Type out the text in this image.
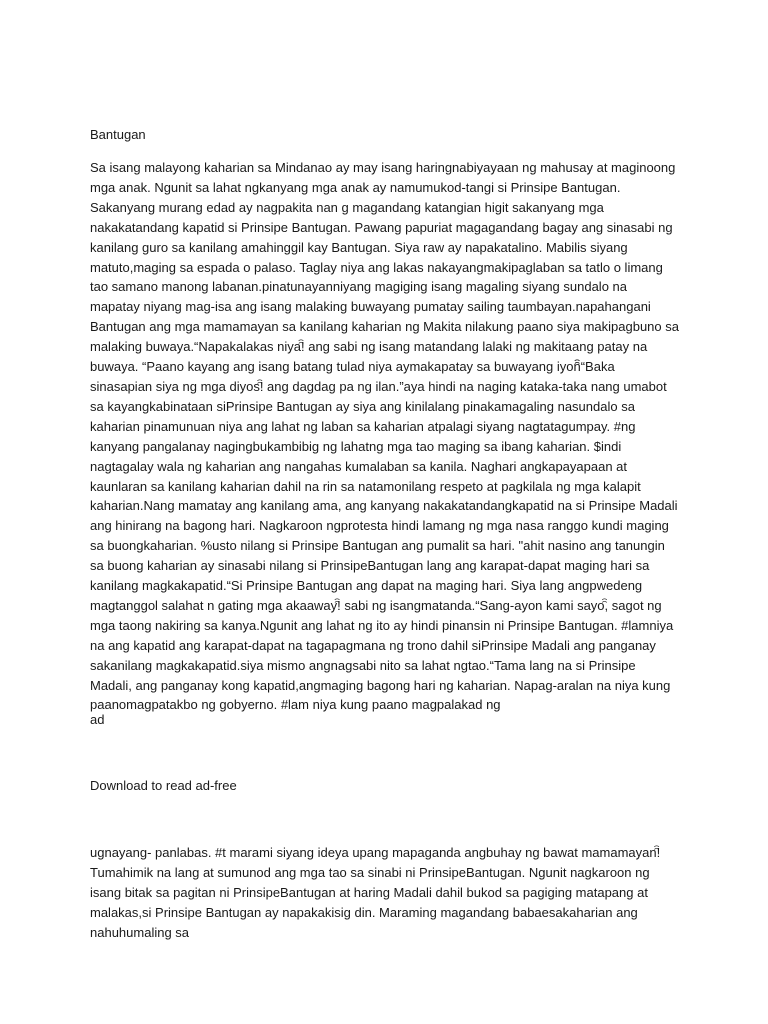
Bantugan

Sa isang malayong kaharian sa Mindanao ay may isang haringnabiyayaan ng mahusay at maginoong mga anak. Ngunit sa lahat ngkanyang mga anak ay namumukod-tangi si Prinsipe Bantugan. Sakanyang murang edad ay nagpakita nan g magandang katangian higit sakanyang mga nakakatandang kapatid si Prinsipe Bantugan. Pawang papuriat magagandang bagay ang sinasabi ng kanilang guro sa kanilang amahinggil kay Bantugan. Siya raw ay napakatalino. Mabilis siyang matuto,maging sa espada o palaso. Taglay niya ang lakas nakayangmakipaglaban sa tatlo o limang tao samano manong labanan.pinatunayanniyang magiging isang magaling siyang sundalo na mapatay niyang mag-isa ang isang malaking buwayang pumatay sailing taumbayan.napahangani Bantugan ang mga mamamayan sa kanilang kaharian ng Makita nilakung paano siya makipagbuno sa malaking buwaya.“Napakalakas niya!ꩰ ang sabi ng isang matandang lalaki ng makitaang patay na buwaya. “Paano kayang ang isang batang tulad niya aymakapatay sa buwayang iyonꩰꩰ“Baka sinasapian siya ng mga diyos!ꩰ ang dagdag pa ng ilan.”aya hindi na naging kataka-taka nang umabot sa kayangkabinataan siPrinsipe Bantugan ay siya ang kinilalang pinakamagaling nasundalo sa kaharian pinamunuan niya ang lahat ng laban sa kaharian atpalagi siyang nagtatagumpay. #ng kanyang pangalanay nagingbukambibig ng lahatng mga tao maging sa ibang kaharian. $indi nagtagalay wala ng kaharian ang nangahas kumalaban sa kanila. Naghari angkapayapaan at kaunlaran sa kanilang kaharian dahil na rin sa natamonilang respeto at pagkilala ng mga kalapit kaharian.Nang mamatay ang kanilang ama, ang kanyang nakakatandangkapatid na si Prinsipe Madali ang hinirang na bagong hari. Nagkaroon ngprotesta hindi lamang ng mga nasa ranggo kundi maging sa buongkaharian. %usto nilang si Prinsipe Bantugan ang pumalit sa hari. "ahit nasino ang tanungin sa buong kaharian ay sinasabi nilang si PrinsipeBantugan lang ang karapat-dapat maging hari sa kanilang magkakapatid.“Si Prinsipe Bantugan ang dapat na maging hari. Siya lang angpwedeng magtanggol salahat n gating mga akaaway!ꩰ sabi ng isangmatanda.“Sang-ayon kami sayo,ꩰ sagot ng mga taong nakiring sa kanya.Ngunit ang lahat ng ito ay hindi pinansin ni Prinsipe Bantugan. #lamniya na ang kapatid ang karapat-dapat na tagapagmana ng trono dahil siPrinsipe Madali ang panganay sakanilang magkakapatid.siya mismo angnagsabi nito sa lahat ngtao.“Tama lang na si Prinsipe Madali, ang panganay kong kapatid,angmaging bagong hari ng kaharian. Napag-aralan na niya kung paanomagpatakbo ng gobyerno. #lam niya kung paano magpalakad ng

ad

Download to read ad-free

ugnayang- panlabas. #t marami siyang ideya upang mapaganda angbuhay ng bawat mamamayan!ꩰ Tumahimik na lang at sumunod ang mga tao sa sinabi ni PrinsipeBantugan. Ngunit nagkaroon ng isang bitak sa pagitan ni PrinsipeBantugan at haring Madali dahil bukod sa pagiging matapang at malakas,si Prinsipe Bantugan ay napakakisig din. Maraming magandang babaesakaharian ang nahuhumaling sa
